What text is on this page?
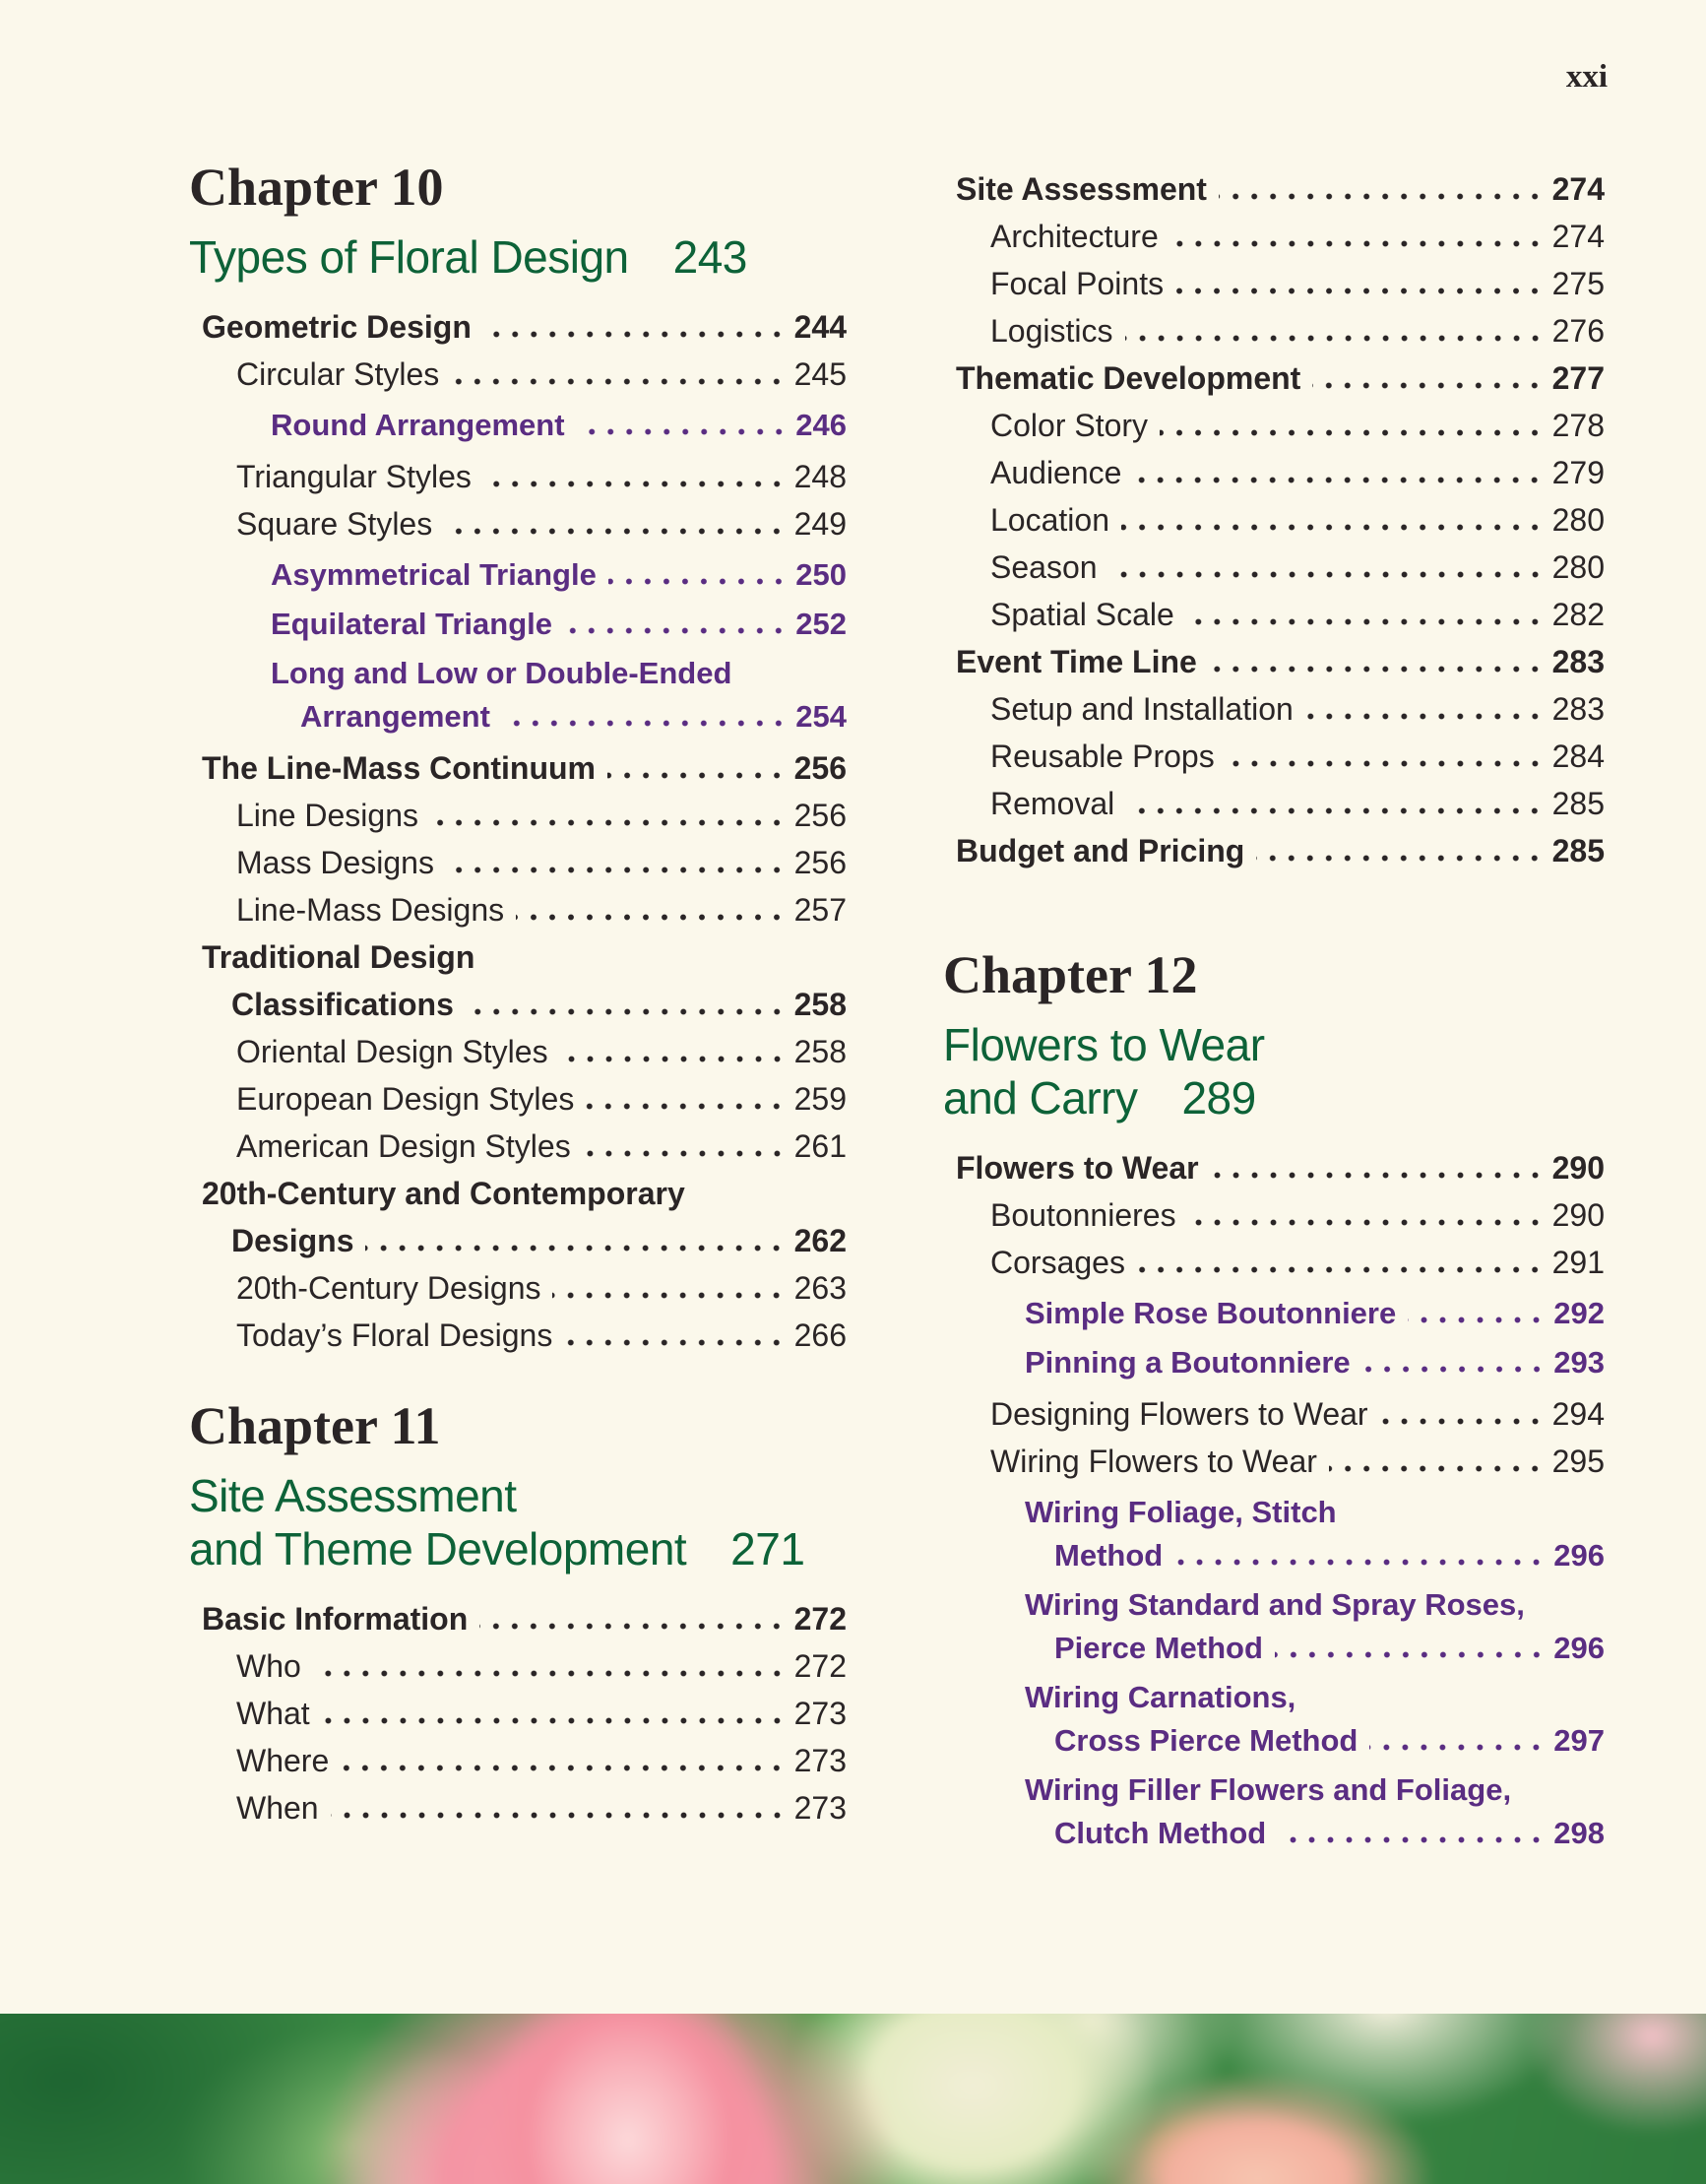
xxi
Chapter 10
Types of Floral Design  243
Geometric Design	244
Circular Styles	245
Round Arrangement	246
Triangular Styles	248
Square Styles	249
Asymmetrical Triangle	250
Equilateral Triangle	252
Long and Low or Double-Ended
Arrangement	254
The Line-Mass Continuum	256
Line Designs	256
Mass Designs	256
Line-Mass Designs	257
Traditional Design
Classifications	258
Oriental Design Styles	258
European Design Styles	259
American Design Styles	261
20th-Century and Contemporary
Designs	262
20th-Century Designs	263
Today’s Floral Designs	266
Chapter 11
Site Assessment
and Theme Development  271
Basic Information	272
Who	272
What	273
Where	273
When	273
Site Assessment	274
Architecture	274
Focal Points	275
Logistics	276
Thematic Development	277
Color Story	278
Audience	279
Location	280
Season	280
Spatial Scale	282
Event Time Line	283
Setup and Installation	283
Reusable Props	284
Removal	285
Budget and Pricing	285
Chapter 12
Flowers to Wear
and Carry  289
Flowers to Wear	290
Boutonnieres	290
Corsages	291
Simple Rose Boutonniere	292
Pinning a Boutonniere	293
Designing Flowers to Wear	294
Wiring Flowers to Wear	295
Wiring Foliage, Stitch
Method	296
Wiring Standard and Spray Roses,
Pierce Method	296
Wiring Carnations,
Cross Pierce Method	297
Wiring Filler Flowers and Foliage,
Clutch Method	298
